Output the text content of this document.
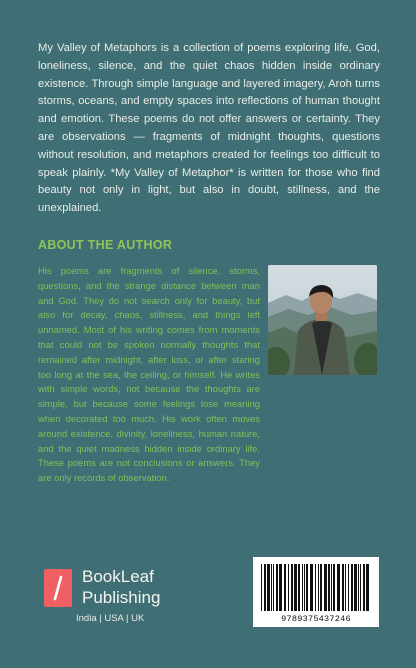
My Valley of Metaphors is a collection of poems exploring life, God, loneliness, silence, and the quiet chaos hidden inside ordinary existence. Through simple language and layered imagery, Aroh turns storms, oceans, and empty spaces into reflections of human thought and emotion. These poems do not offer answers or certainty. They are observations — fragments of midnight thoughts, questions without resolution, and metaphors created for feelings too difficult to speak plainly. *My Valley of Metaphor* is written for those who find beauty not only in light, but also in doubt, stillness, and the unexplained.

ABOUT THE AUTHOR

His poems are fragments of silence, storms, questions, and the strange distance between man and God. They do not search only for beauty, but also for decay, chaos, stillness, and things left unnamed. Most of his writing comes from moments that could not be spoken normally thoughts that remained after midnight, after loss, or after staring too long at the sea, the ceiling, or himself. He writes with simple words, not because the thoughts are simple, but because some feelings lose meaning when decorated too much. His work often moves around existence, divinity, loneliness, human nature, and the quiet madness hidden inside ordinary life. These poems are not conclusions or answers. They are only records of observation.

BookLeaf
Publishing

India | USA | UK	9789375437246
